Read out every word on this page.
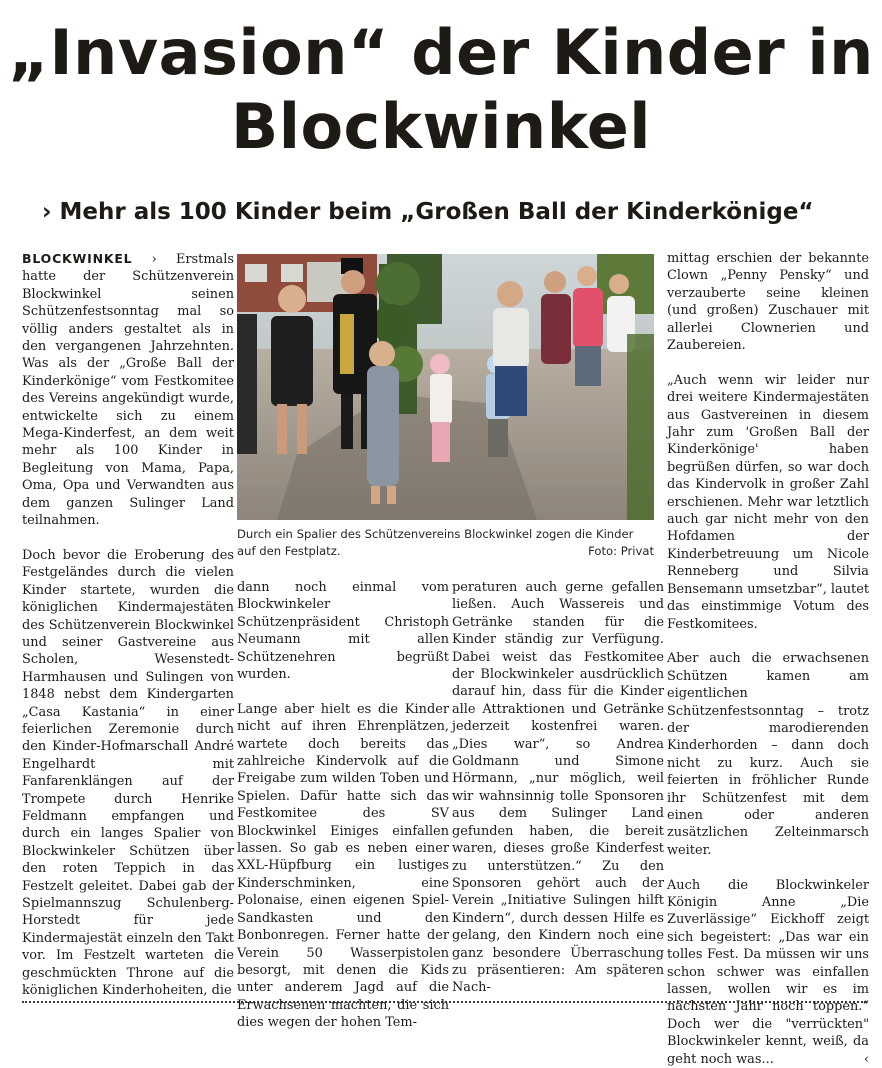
„Invasion“ der Kinder in
Blockwinkel
› Mehr als 100 Kinder beim „Großen Ball der Kinderkönige“

BLOCKWINKEL › Erstmals hatte der Schützenverein Blockwinkel seinen Schützenfestsonntag mal so völlig anders gestaltet als in den vergangenen Jahrzehnten. Was als der „Große Ball der Kinderkönige“ vom Festkomitee des Vereins angekündigt wurde, entwickelte sich zu einem Mega-Kinderfest, an dem weit mehr als 100 Kinder in Begleitung von Mama, Papa, Oma, Opa und Verwandten aus dem ganzen Sulinger Land teilnahmen.

Doch bevor die Eroberung des Festgeländes durch die vielen Kinder startete, wurden die königlichen Kindermajestäten des Schützenverein Blockwinkel und seiner Gastvereine aus Scholen, Wesenstedt-Harmhausen und Sulingen von 1848 nebst dem Kindergarten „Casa Kastania“ in einer feierlichen Zeremonie durch den Kinder-Hofmarschall André Engelhardt mit Fanfarenklängen auf der Trompete durch Henrike Feldmann empfangen und durch ein langes Spalier von Blockwinkeler Schützen über den roten Teppich in das Festzelt geleitet. Dabei gab der Spielmannszug Schulenberg-Horstedt für jede Kindermajestät einzeln den Takt vor. Im Festzelt warteten die geschmückten Throne auf die königlichen Kinderhoheiten, die

Durch ein Spalier des Schützenvereins Blockwinkel zogen die Kinder auf den Festplatz.	Foto: Privat

dann noch einmal vom Blockwinkeler Schützenpräsident Christoph Neumann mit allen Schützenehren begrüßt wurden.

Lange aber hielt es die Kinder nicht auf ihren Ehrenplätzen, wartete doch bereits das zahlreiche Kindervolk auf die Freigabe zum wilden Toben und Spielen. Dafür hatte sich das Festkomitee des SV Blockwinkel Einiges einfallen lassen. So gab es neben einer XXL-Hüpfburg ein lustiges Kinderschminken, eine Polonaise, einen eigenen Spiel-Sandkasten und den Bonbonregen. Ferner hatte der Verein 50 Wasserpistolen besorgt, mit denen die Kids unter anderem Jagd auf die Erwachsenen machten, die sich dies wegen der hohen Tem-

peraturen auch gerne gefallen ließen. Auch Wassereis und Getränke standen für die Kinder ständig zur Verfügung. Dabei weist das Festkomitee der Blockwinkeler ausdrücklich darauf hin, dass für die Kinder alle Attraktionen und Getränke jederzeit kostenfrei waren. „Dies war“, so Andrea Goldmann und Simone Hörmann, „nur möglich, weil wir wahnsinnig tolle Sponsoren aus dem Sulinger Land gefunden haben, die bereit waren, dieses große Kinderfest zu unterstützen.“ Zu den Sponsoren gehört auch der Verein „Initiative Sulingen hilft Kindern“, durch dessen Hilfe es gelang, den Kindern noch eine ganz besondere Überraschung zu präsentieren: Am späteren Nach-

mittag erschien der bekannte Clown „Penny Pensky“ und verzauberte seine kleinen (und großen) Zuschauer mit allerlei Clownerien und Zaubereien.

„Auch wenn wir leider nur drei weitere Kindermajestäten aus Gastvereinen in diesem Jahr zum 'Großen Ball der Kinderkönige' haben begrüßen dürfen, so war doch das Kindervolk in großer Zahl erschienen. Mehr war letztlich auch gar nicht mehr von den Hofdamen der Kinderbetreuung um Nicole Renneberg und Silvia Bensemann umsetzbar“, lautet das einstimmige Votum des Festkomitees.

Aber auch die erwachsenen Schützen kamen am eigentlichen Schützenfestsonntag – trotz der marodierenden Kinderhorden – dann doch nicht zu kurz. Auch sie feierten in fröhlicher Runde ihr Schützenfest mit dem einen oder anderen zusätzlichen Zelteinmarsch weiter.

Auch die Blockwinkeler Königin Anne „Die Zuverlässige“ Eickhoff zeigt sich begeistert: „Das war ein tolles Fest. Da müssen wir uns schon schwer was einfallen lassen, wollen wir es im nächsten Jahr noch toppen.“ Doch wer die "verrückten" Blockwinkeler kennt, weiß, da geht noch was...	‹
